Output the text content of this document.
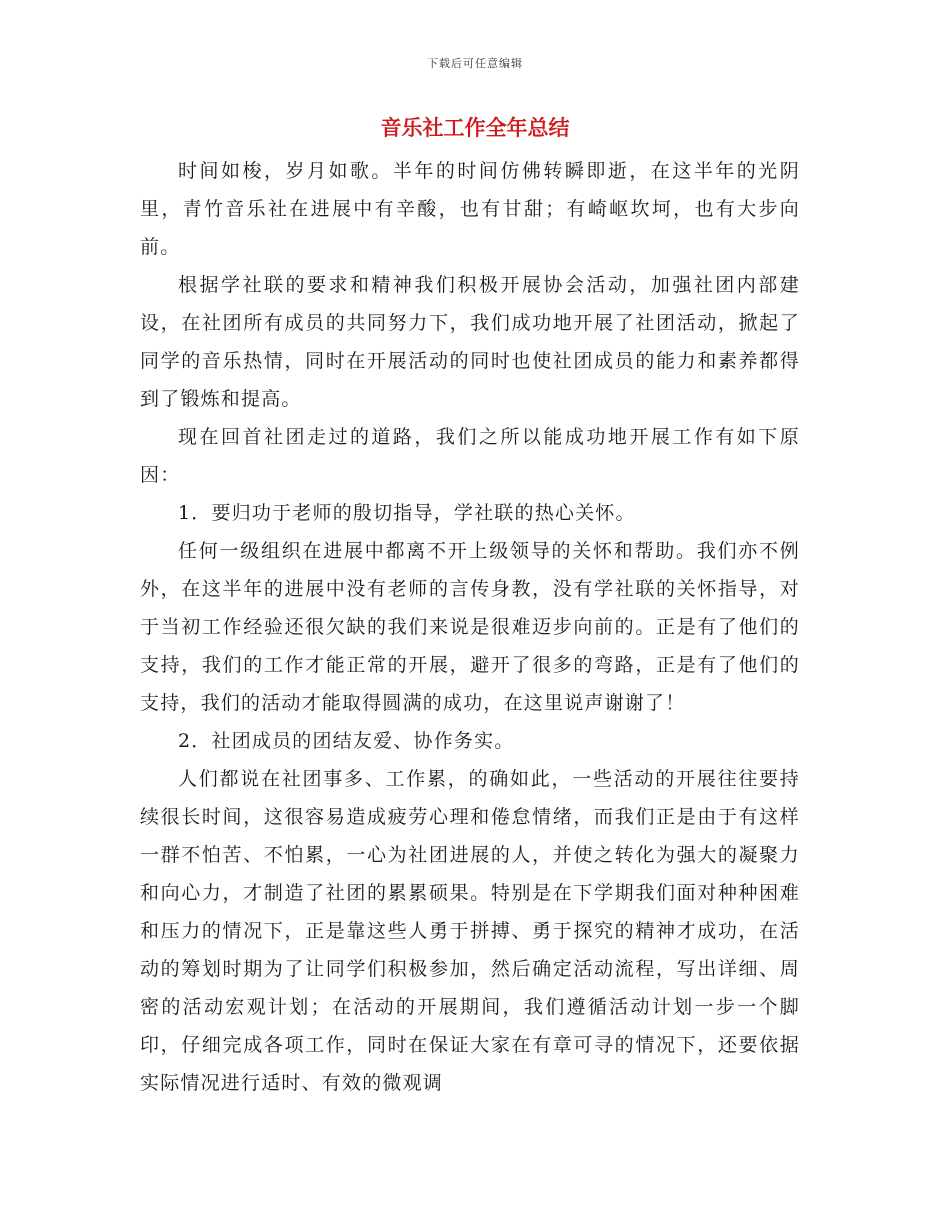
下载后可任意编辑
音乐社工作全年总结

时间如梭，岁月如歌。半年的时间仿佛转瞬即逝，在这半年的光阴里，青竹音乐社在进展中有辛酸，也有甘甜；有崎岖坎坷，也有大步向前。

根据学社联的要求和精神我们积极开展协会活动，加强社团内部建设，在社团所有成员的共同努力下，我们成功地开展了社团活动，掀起了同学的音乐热情，同时在开展活动的同时也使社团成员的能力和素养都得到了锻炼和提高。

现在回首社团走过的道路，我们之所以能成功地开展工作有如下原因：

1．要归功于老师的殷切指导，学社联的热心关怀。

任何一级组织在进展中都离不开上级领导的关怀和帮助。我们亦不例外，在这半年的进展中没有老师的言传身教，没有学社联的关怀指导，对于当初工作经验还很欠缺的我们来说是很难迈步向前的。正是有了他们的支持，我们的工作才能正常的开展，避开了很多的弯路，正是有了他们的支持，我们的活动才能取得圆满的成功，在这里说声谢谢了！

2．社团成员的团结友爱、协作务实。

人们都说在社团事多、工作累，的确如此，一些活动的开展往往要持续很长时间，这很容易造成疲劳心理和倦怠情绪，而我们正是由于有这样一群不怕苦、不怕累，一心为社团进展的人，并使之转化为强大的凝聚力和向心力，才制造了社团的累累硕果。特别是在下学期我们面对种种困难和压力的情况下，正是靠这些人勇于拼搏、勇于探究的精神才成功，在活动的筹划时期为了让同学们积极参加，然后确定活动流程，写出详细、周密的活动宏观计划；在活动的开展期间，我们遵循活动计划一步一个脚印，仔细完成各项工作，同时在保证大家在有章可寻的情况下，还要依据实际情况进行适时、有效的微观调
